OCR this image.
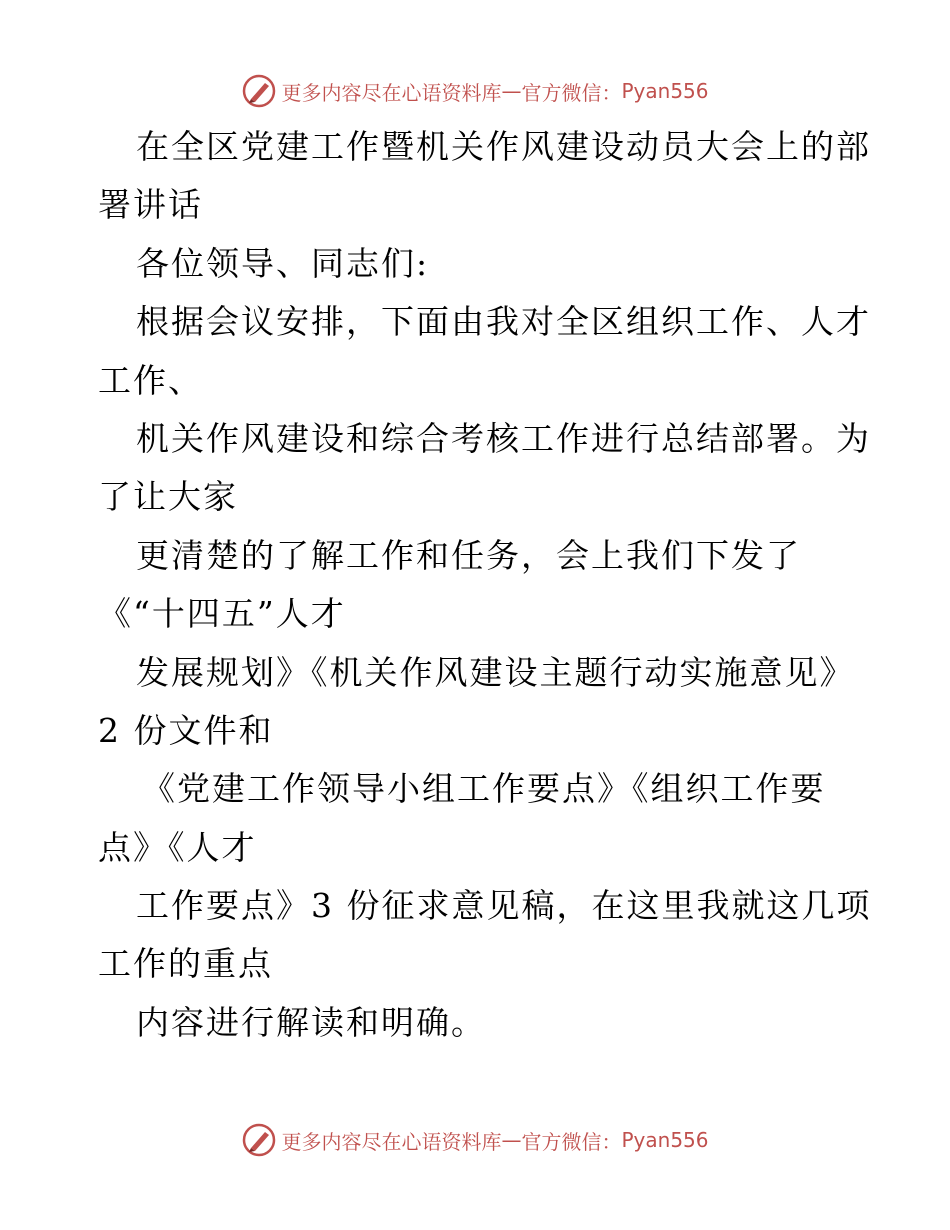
更多内容尽在心语资料库 — 官方微信： Pyan556
在全区党建工作暨机关作风建设动员大会上的部
署讲话
各位领导、同志们:
根据会议安排，下面由我对全区组织工作、人才
工作、
机关作风建设和综合考核工作进行总结部署。为
了让大家
更清楚的了解工作和任务，会上我们下发了
《“十四五”人才
发展规划》《机关作风建设主题行动实施意见》
2 份文件和
《党建工作领导小组工作要点》《组织工作要
点》《人才
工作要点》3 份征求意见稿，在这里我就这几项
工作的重点
内容进行解读和明确。
更多内容尽在心语资料库 — 官方微信： Pyan556
